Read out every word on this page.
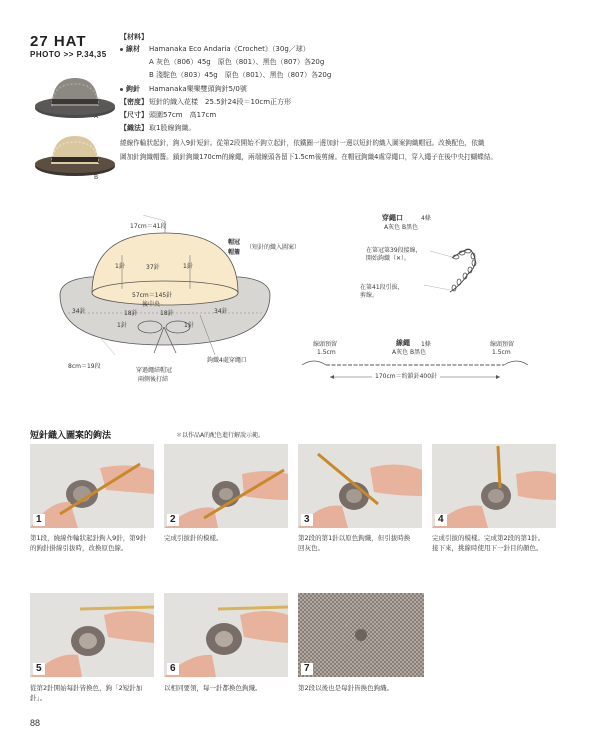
27 HAT
PHOTO >> P.34,35
A
B
【材料】
線材 Hamanaka Eco Andaria《Crochet》（30g／球）
A 灰色（806）45g　原色（801）、黑色（807）各20g
B 淺駝色（803）45g　原色（801）、黑色（807）各20g
鉤針 Hamanaka樂樂雙頭鉤針5/0號
【密度】 短針的織入花樣　25.5針24段＝10cm正方形
【尺寸】 頭圍57cm　高17cm
【織法】 取1股線鉤織。
繞線作輪狀起針，鉤入9針短針。從第2段開始不鉤立起針，依鐵圈一邊加針一邊以短針的織入圖案鉤織帽冠。改換配色，依織
圖加針鉤織帽簷。鎖針鉤織170cm的線繩，兩端線頭各留下1.5cm後剪線。在帽冠鉤織4處穿繩口，穿入繩子在後中央打蝴蝶結。
17cm＝41段
帽冠
帽簷
（短針的織入圖案）
1針	37針	1針
57cm＝145針
後中央
34針	18針	18針	34針
1針	1針
8cm＝19段
穿過繩結帽冠
兩側後打結
鉤織4處穿繩口
穿繩口	4條
A灰色 B黑色
在第冠第39段接線，
開始鉤織（✕）。
在第41段引拔，
剪線。
線頭預留
1.5cm
線繩 1條
A灰色 B黑色
線頭預留
1.5cm
170cm＝約鎖針400針
短針織入圖案的鉤法	＊以作品A的配色進行解說示範。
1	2	3	4
第1段，繞線作輪狀起針鉤入9針，第9針
的鉤針掛線引拔時，改換原色線。
完成引拔針的模樣。	第2段的第1針以原色鉤織，但引拔時換
回灰色。
完成引拔的模樣。完成第2段的第1針。
接下來，挑線時使用下一針目的顏色。
5	6	7
從第2針開始每針皆換色，鉤「2短針加
針」。
以相同要領，每一針都換色鉤織。	第2段以後也是每針皆換色鉤織。
88
